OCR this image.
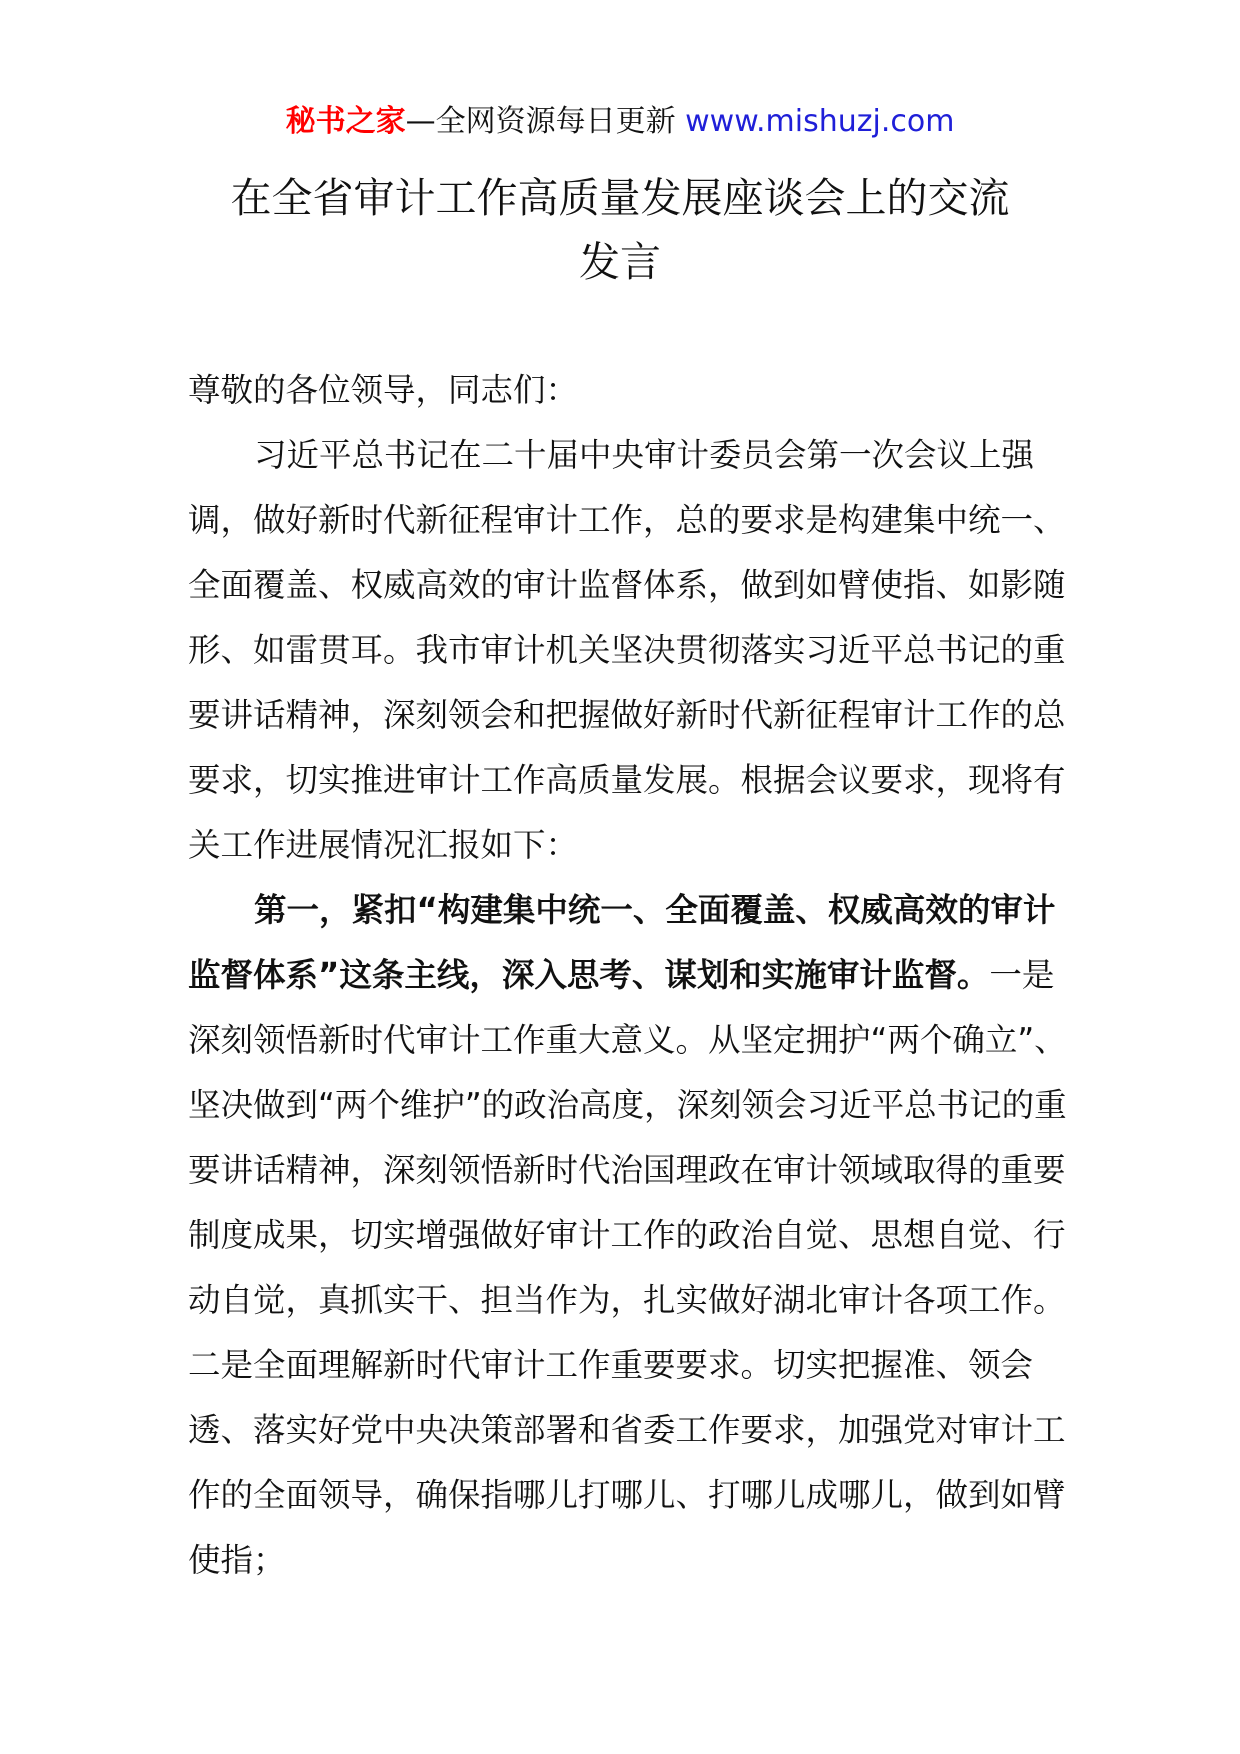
秘书之家—全网资源每日更新 www.mishuzj.com
在全省审计工作高质量发展座谈会上的交流
发言

尊敬的各位领导，同志们：

习近平总书记在二十届中央审计委员会第一次会议上强调，做好新时代新征程审计工作，总的要求是构建集中统一、全面覆盖、权威高效的审计监督体系，做到如臂使指、如影随形、如雷贯耳。我市审计机关坚决贯彻落实习近平总书记的重要讲话精神，深刻领会和把握做好新时代新征程审计工作的总要求，切实推进审计工作高质量发展。根据会议要求，现将有关工作进展情况汇报如下：

第一，紧扣“构建集中统一、全面覆盖、权威高效的审计监督体系”这条主线，深入思考、谋划和实施审计监督。一是深刻领悟新时代审计工作重大意义。从坚定拥护“两个确立”、坚决做到“两个维护”的政治高度，深刻领会习近平总书记的重要讲话精神，深刻领悟新时代治国理政在审计领域取得的重要制度成果，切实增强做好审计工作的政治自觉、思想自觉、行动自觉，真抓实干、担当作为，扎实做好湖北审计各项工作。二是全面理解新时代审计工作重要要求。切实把握准、领会透、落实好党中央决策部署和省委工作要求，加强党对审计工作的全面领导，确保指哪儿打哪儿、打哪儿成哪儿，做到如臂使指；
